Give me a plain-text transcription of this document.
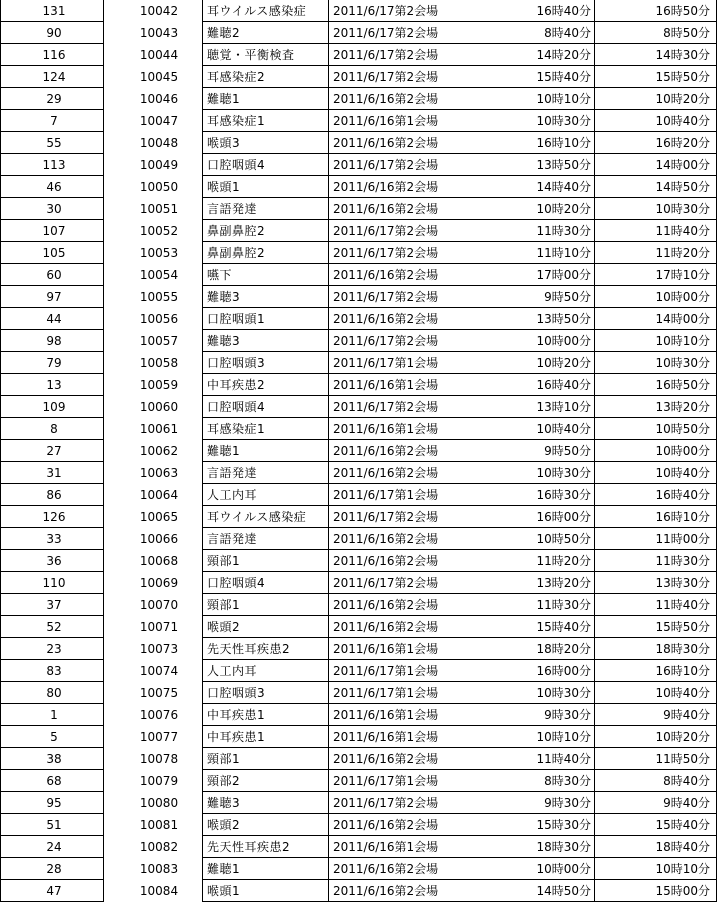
131	10042	耳ウイルス感染症	2011/6/17第2会場	16時40分	16時50分
90	10043	難聴2	2011/6/17第2会場	8時40分	8時50分
116	10044	聴覚・平衡検査	2011/6/17第2会場	14時20分	14時30分
124	10045	耳感染症2	2011/6/17第2会場	15時40分	15時50分
29	10046	難聴1	2011/6/16第2会場	10時10分	10時20分
7	10047	耳感染症1	2011/6/16第1会場	10時30分	10時40分
55	10048	喉頭3	2011/6/16第2会場	16時10分	16時20分
113	10049	口腔咽頭4	2011/6/17第2会場	13時50分	14時00分
46	10050	喉頭1	2011/6/16第2会場	14時40分	14時50分
30	10051	言語発達	2011/6/16第2会場	10時20分	10時30分
107	10052	鼻副鼻腔2	2011/6/17第2会場	11時30分	11時40分
105	10053	鼻副鼻腔2	2011/6/17第2会場	11時10分	11時20分
60	10054	嚥下	2011/6/16第2会場	17時00分	17時10分
97	10055	難聴3	2011/6/17第2会場	9時50分	10時00分
44	10056	口腔咽頭1	2011/6/16第2会場	13時50分	14時00分
98	10057	難聴3	2011/6/17第2会場	10時00分	10時10分
79	10058	口腔咽頭3	2011/6/17第1会場	10時20分	10時30分
13	10059	中耳疾患2	2011/6/16第1会場	16時40分	16時50分
109	10060	口腔咽頭4	2011/6/17第2会場	13時10分	13時20分
8	10061	耳感染症1	2011/6/16第1会場	10時40分	10時50分
27	10062	難聴1	2011/6/16第2会場	9時50分	10時00分
31	10063	言語発達	2011/6/16第2会場	10時30分	10時40分
86	10064	人工内耳	2011/6/17第1会場	16時30分	16時40分
126	10065	耳ウイルス感染症	2011/6/17第2会場	16時00分	16時10分
33	10066	言語発達	2011/6/16第2会場	10時50分	11時00分
36	10068	頸部1	2011/6/16第2会場	11時20分	11時30分
110	10069	口腔咽頭4	2011/6/17第2会場	13時20分	13時30分
37	10070	頸部1	2011/6/16第2会場	11時30分	11時40分
52	10071	喉頭2	2011/6/16第2会場	15時40分	15時50分
23	10073	先天性耳疾患2	2011/6/16第1会場	18時20分	18時30分
83	10074	人工内耳	2011/6/17第1会場	16時00分	16時10分
80	10075	口腔咽頭3	2011/6/17第1会場	10時30分	10時40分
1	10076	中耳疾患1	2011/6/16第1会場	9時30分	9時40分
5	10077	中耳疾患1	2011/6/16第1会場	10時10分	10時20分
38	10078	頸部1	2011/6/16第2会場	11時40分	11時50分
68	10079	頸部2	2011/6/17第1会場	8時30分	8時40分
95	10080	難聴3	2011/6/17第2会場	9時30分	9時40分
51	10081	喉頭2	2011/6/16第2会場	15時30分	15時40分
24	10082	先天性耳疾患2	2011/6/16第1会場	18時30分	18時40分
28	10083	難聴1	2011/6/16第2会場	10時00分	10時10分
47	10084	喉頭1	2011/6/16第2会場	14時50分	15時00分
